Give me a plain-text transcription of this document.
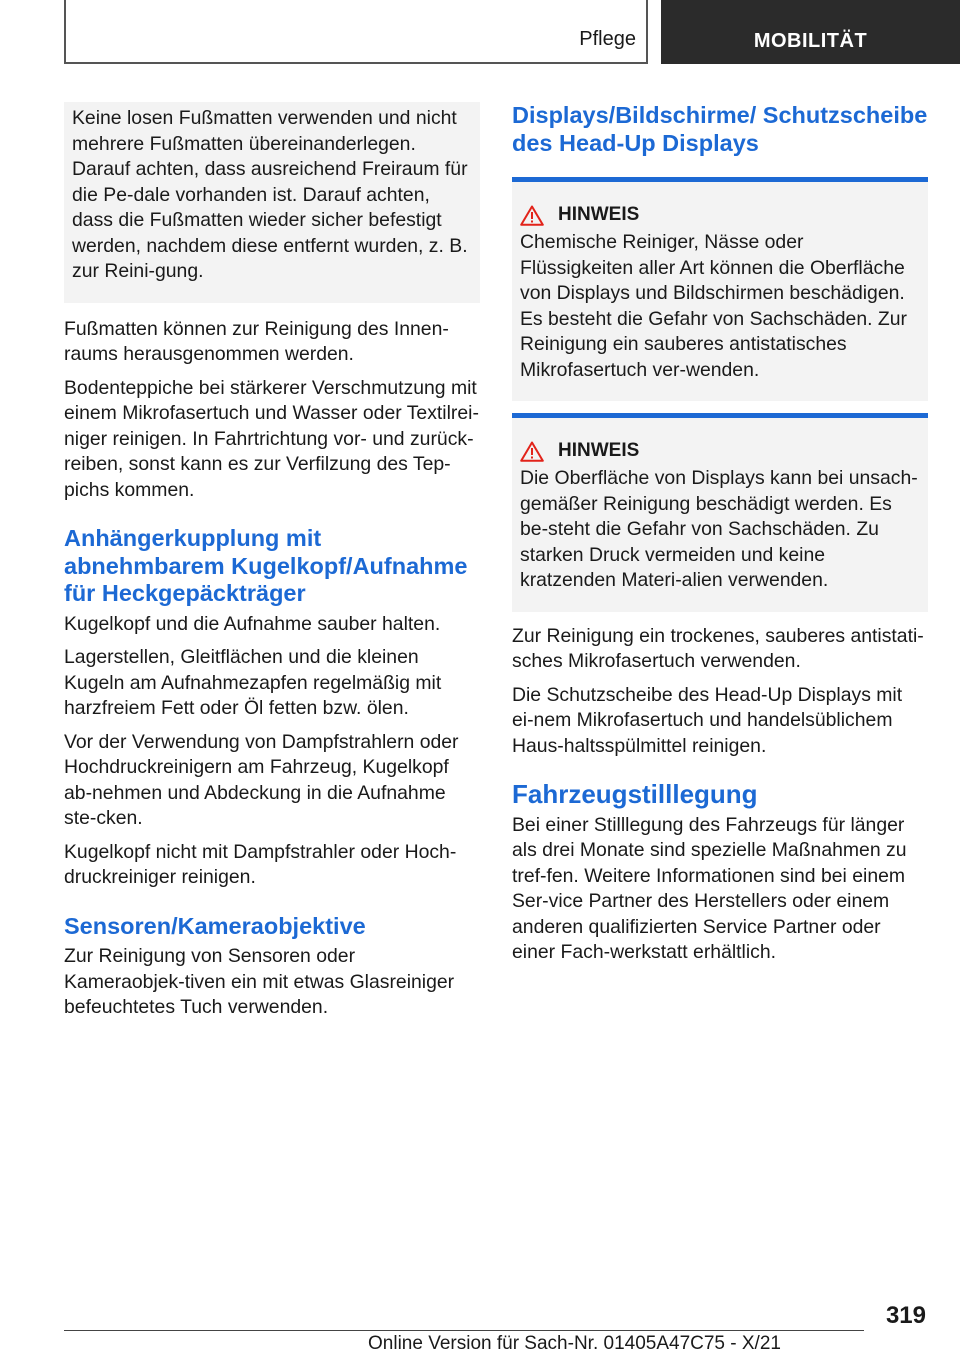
Pflege	MOBILITÄT

Keine losen Fußmatten verwenden und nicht mehrere Fußmatten übereinanderlegen. Darauf achten, dass ausreichend Freiraum für die Pe-dale vorhanden ist. Darauf achten, dass die Fußmatten wieder sicher befestigt werden, nachdem diese entfernt wurden, z. B. zur Reini-gung.

Fußmatten können zur Reinigung des Innen-raums herausgenommen werden.

Bodenteppiche bei stärkerer Verschmutzung mit einem Mikrofasertuch und Wasser oder Textilrei-niger reinigen. In Fahrtrichtung vor- und zurück-reiben, sonst kann es zur Verfilzung des Tep-pichs kommen.

Anhängerkupplung mit abnehmbarem Kugelkopf/Aufnahme für Heckgepäckträger

Kugelkopf und die Aufnahme sauber halten.

Lagerstellen, Gleitflächen und die kleinen Kugeln am Aufnahmezapfen regelmäßig mit harzfreiem Fett oder Öl fetten bzw. ölen.

Vor der Verwendung von Dampfstrahlern oder Hochdruckreinigern am Fahrzeug, Kugelkopf ab-nehmen und Abdeckung in die Aufnahme ste-cken.

Kugelkopf nicht mit Dampfstrahler oder Hoch-druckreiniger reinigen.

Sensoren/Kameraobjektive

Zur Reinigung von Sensoren oder Kameraobjek-tiven ein mit etwas Glasreiniger befeuchtetes Tuch verwenden.

Displays/Bildschirme/ Schutzscheibe des Head-Up Displays
HINWEIS

Chemische Reiniger, Nässe oder Flüssigkeiten aller Art können die Oberfläche von Displays und Bildschirmen beschädigen. Es besteht die Gefahr von Sachschäden. Zur Reinigung ein sauberes antistatisches Mikrofasertuch ver-wenden.

HINWEIS

Die Oberfläche von Displays kann bei unsach-gemäßer Reinigung beschädigt werden. Es be-steht die Gefahr von Sachschäden. Zu starken Druck vermeiden und keine kratzenden Materi-alien verwenden.

Zur Reinigung ein trockenes, sauberes antistati-sches Mikrofasertuch verwenden.

Die Schutzscheibe des Head-Up Displays mit ei-nem Mikrofasertuch und handelsüblichem Haus-haltsspülmittel reinigen.

Fahrzeugstilllegung

Bei einer Stilllegung des Fahrzeugs für länger als drei Monate sind spezielle Maßnahmen zu tref-fen. Weitere Informationen sind bei einem Ser-vice Partner des Herstellers oder einem anderen qualifizierten Service Partner oder einer Fach-werkstatt erhältlich.

319
Online Version für Sach-Nr. 01405A47C75 - X/21
